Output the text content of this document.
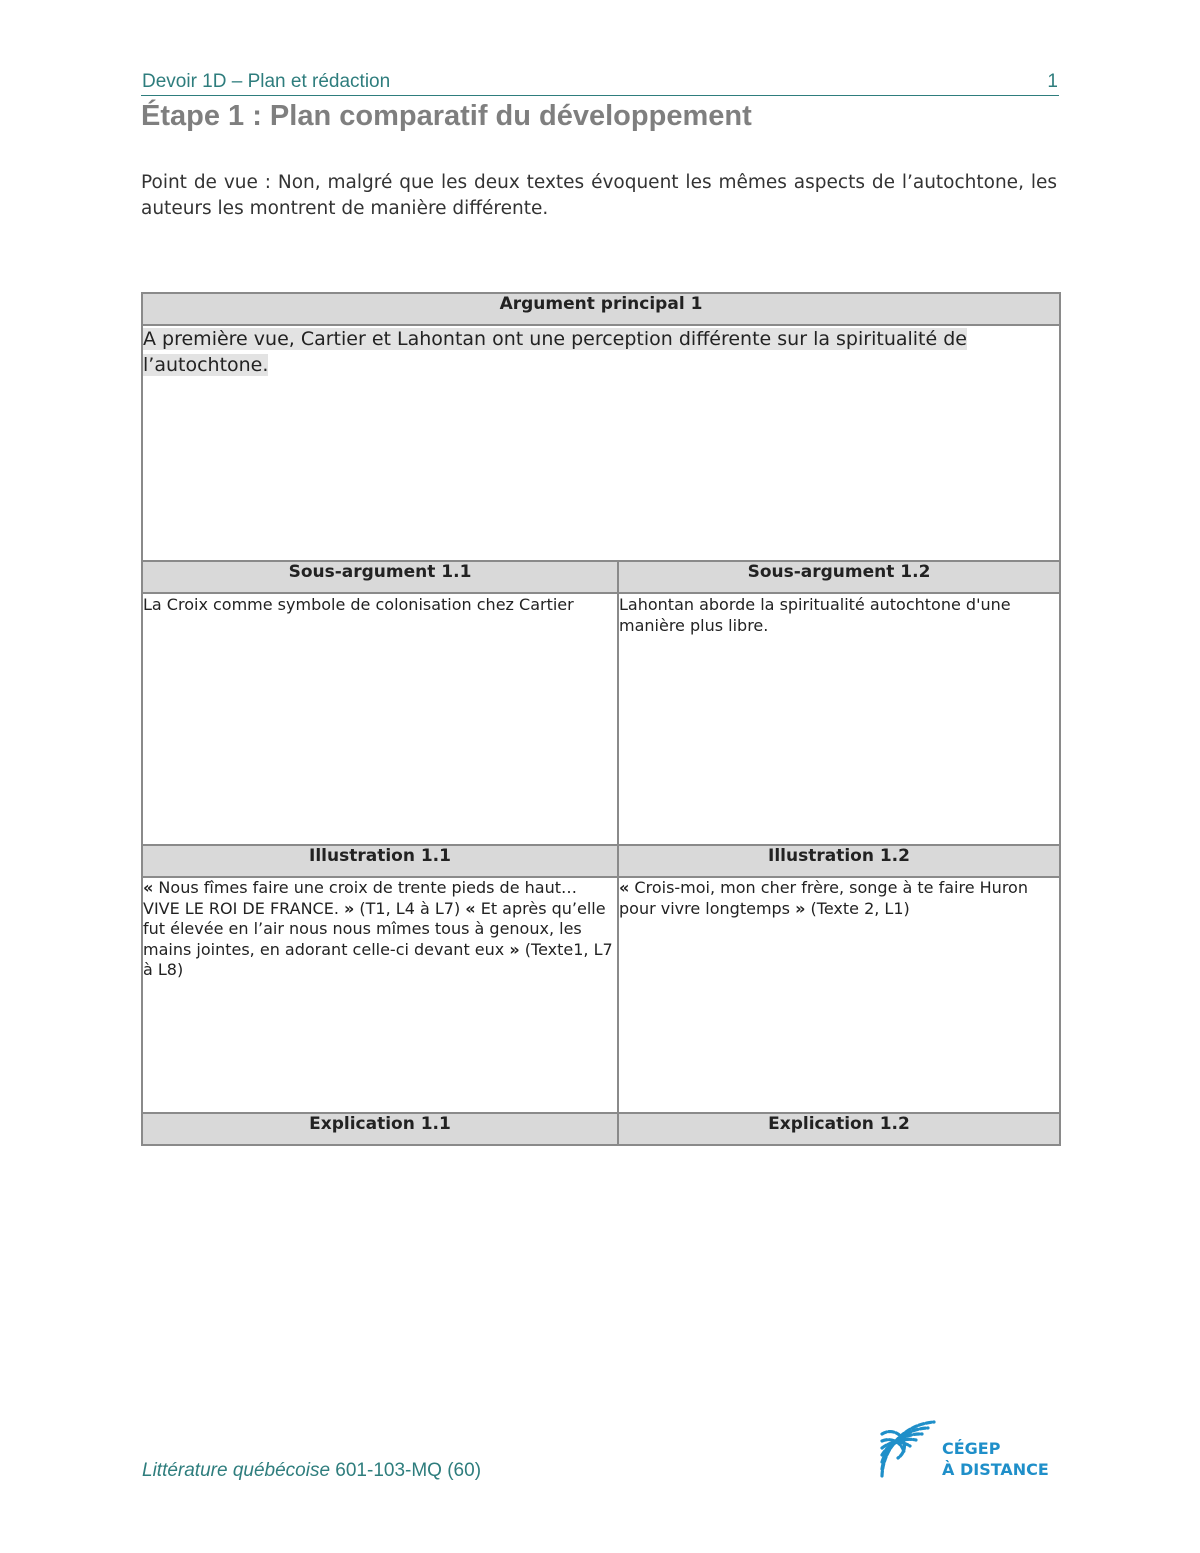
Devoir 1D – Plan et rédaction	1
Étape 1 : Plan comparatif du développement
Point de vue : Non, malgré que les deux textes évoquent les mêmes aspects de l’autochtone, les auteurs les montrent de manière différente.
Argument principal 1	
A première vue, Cartier et Lahontan ont une perception différente sur la spiritualité de l’autochtone.	
Sous-argument 1.1	Sous-argument 1.2
La Croix comme symbole de colonisation chez Cartier	Lahontan aborde la spiritualité autochtone d'une manière plus libre.
Illustration 1.1	Illustration 1.2
« Nous fîmes faire une croix de trente pieds de haut… VIVE LE ROI DE FRANCE. » (T1, L4 à L7) « Et après qu’elle fut élevée en l’air nous nous mîmes tous à genoux, les mains jointes, en adorant celle-ci devant eux » (Texte1, L7 à L8)	« Crois-moi, mon cher frère, songe à te faire Huron pour vivre longtemps » (Texte 2, L1)
Explication 1.1	Explication 1.2
Littérature québécoise 601-103-MQ (60)
CÉGEP
À DISTANCE
